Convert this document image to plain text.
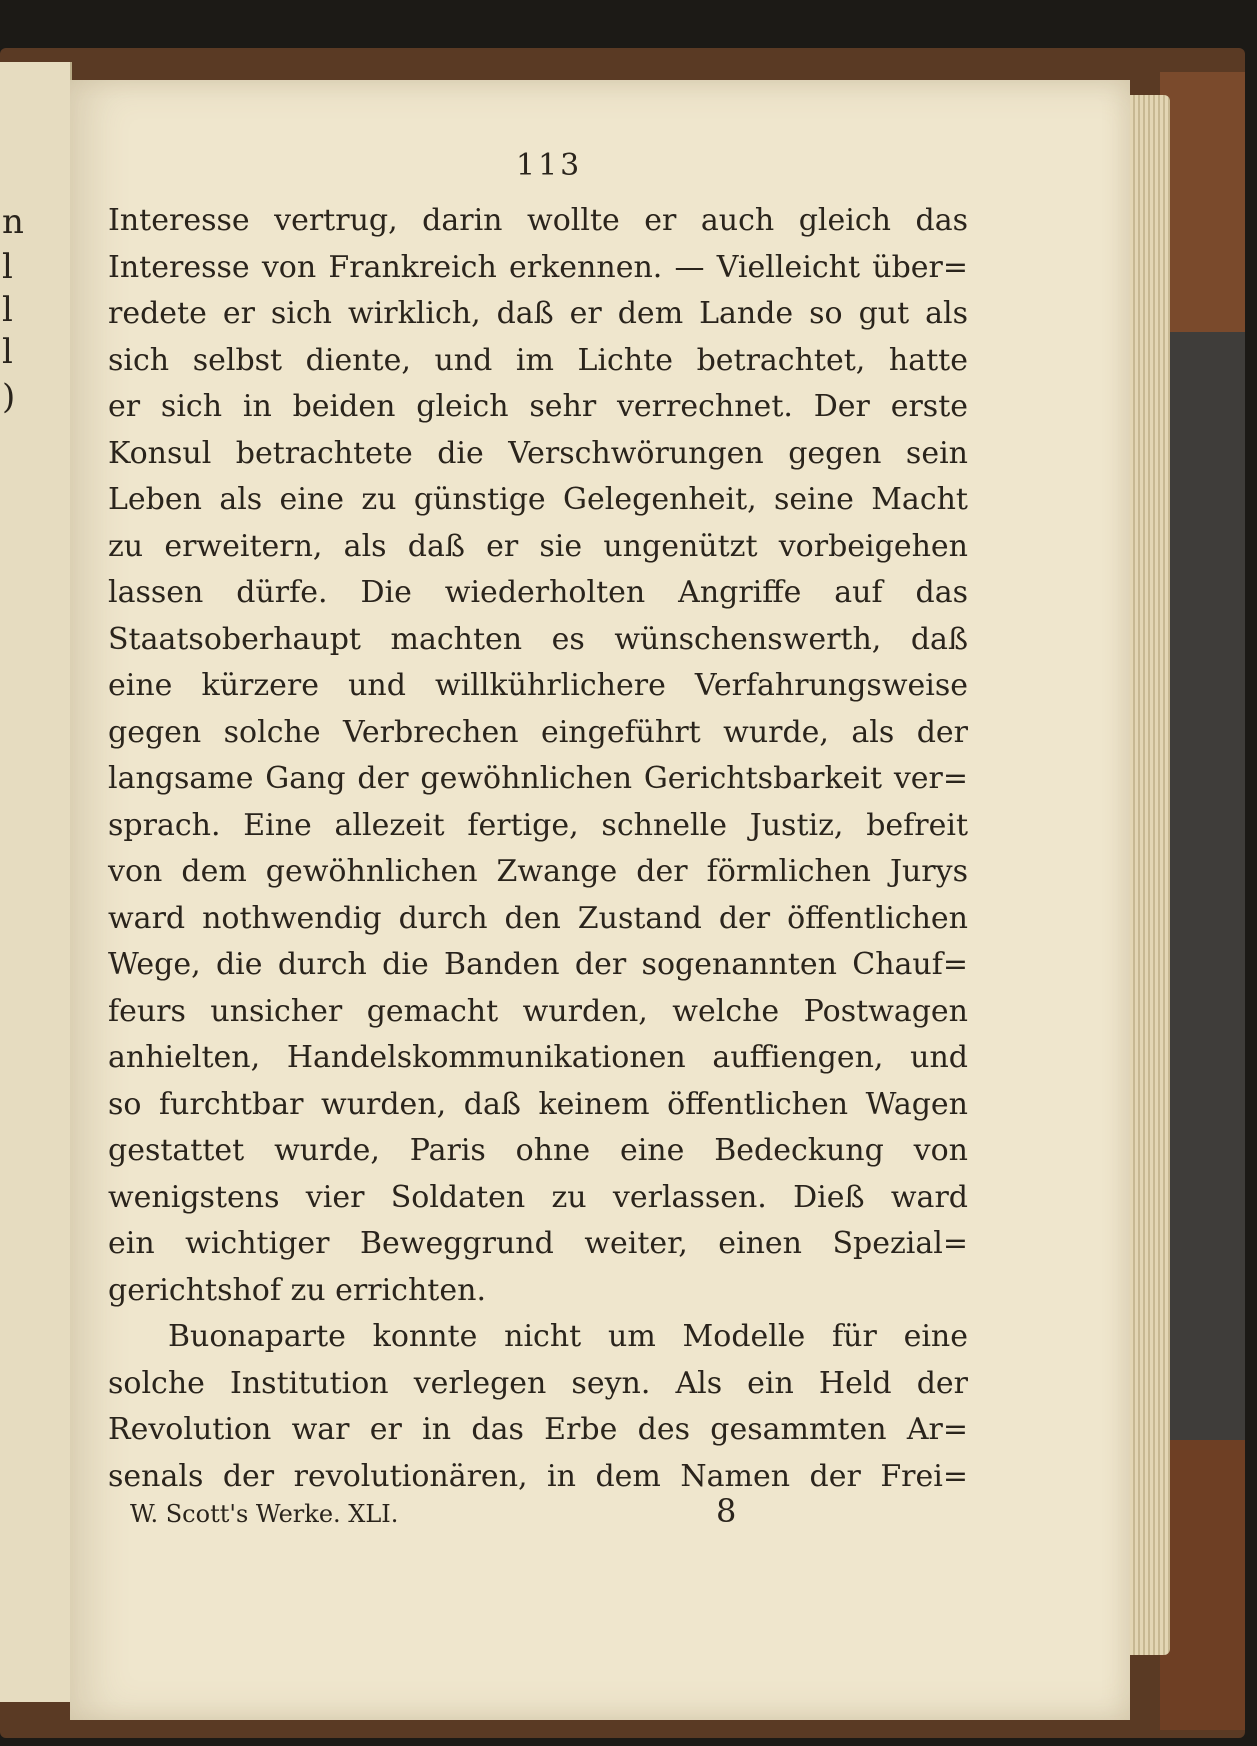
n
l
l
l
)
113
Interesse vertrug, darin wollte er auch gleich das
Interesse von Frankreich erkennen. — Vielleicht über=
redete er sich wirklich, daß er dem Lande so gut als
sich selbst diente, und im Lichte betrachtet, hatte
er sich in beiden gleich sehr verrechnet. Der erste
Konsul betrachtete die Verschwörungen gegen sein
Leben als eine zu günstige Gelegenheit, seine Macht
zu erweitern, als daß er sie ungenützt vorbeigehen
lassen dürfe. Die wiederholten Angriffe auf das
Staatsoberhaupt machten es wünschenswerth, daß
eine kürzere und willkührlichere Verfahrungsweise
gegen solche Verbrechen eingeführt wurde, als der
langsame Gang der gewöhnlichen Gerichtsbarkeit ver=
sprach. Eine allezeit fertige, schnelle Justiz, befreit
von dem gewöhnlichen Zwange der förmlichen Jurys
ward nothwendig durch den Zustand der öffentlichen
Wege, die durch die Banden der sogenannten Chauf=
feurs unsicher gemacht wurden, welche Postwagen
anhielten, Handelskommunikationen auffiengen, und
so furchtbar wurden, daß keinem öffentlichen Wagen
gestattet wurde, Paris ohne eine Bedeckung von
wenigstens vier Soldaten zu verlassen. Dieß ward
ein wichtiger Beweggrund weiter, einen Spezial=
gerichtshof zu errichten.
Buonaparte konnte nicht um Modelle für eine
solche Institution verlegen seyn. Als ein Held der
Revolution war er in das Erbe des gesammten Ar=
senals der revolutionären, in dem Namen der Frei=
W. Scott's Werke. XLI.	8
